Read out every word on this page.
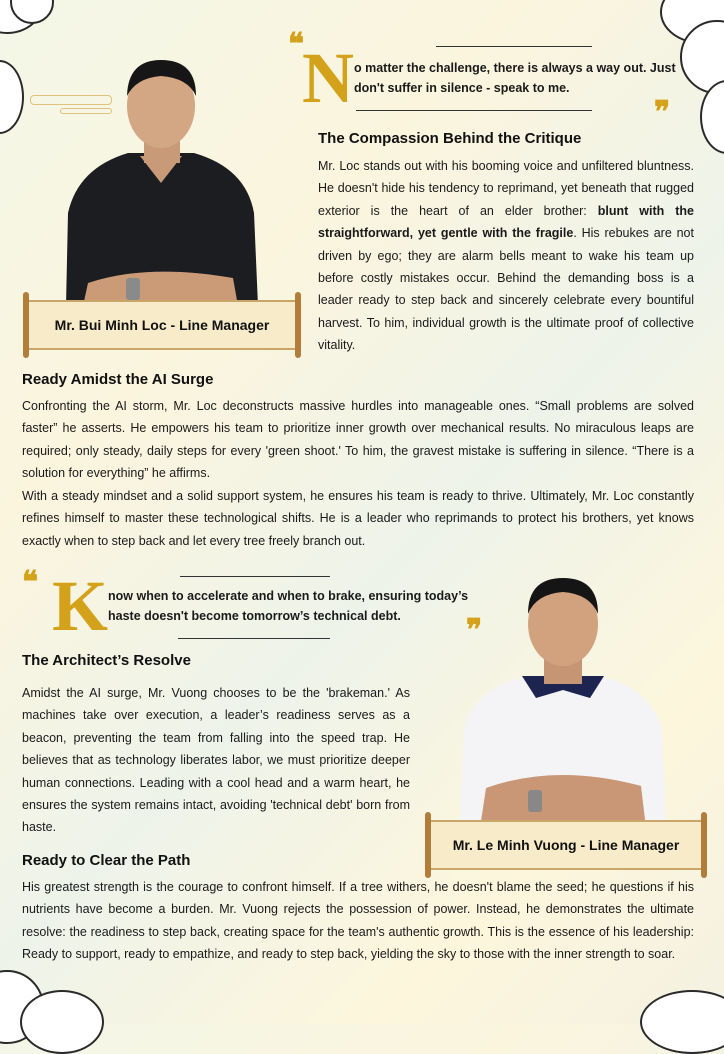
Mr. Bui Minh Loc - Line Manager
❝
N o matter the challenge, there is always a way out. Just don't suffer in silence - speak to me.
❞
The Compassion Behind the Critique

Mr. Loc stands out with his booming voice and unfiltered bluntness. He doesn't hide his tendency to reprimand, yet beneath that rugged exterior is the heart of an elder brother: blunt with the straightforward, yet gentle with the fragile. His rebukes are not driven by ego; they are alarm bells meant to wake his team up before costly mistakes occur. Behind the demanding boss is a leader ready to step back and sincerely celebrate every bountiful harvest. To him, individual growth is the ultimate proof of collective vitality.

Ready Amidst the AI Surge

Confronting the AI storm, Mr. Loc deconstructs massive hurdles into manageable ones. “Small problems are solved faster” he asserts. He empowers his team to prioritize inner growth over mechanical results. No miraculous leaps are required; only steady, daily steps for every 'green shoot.' To him, the gravest mistake is suffering in silence. “There is a solution for everything” he affirms.

With a steady mindset and a solid support system, he ensures his team is ready to thrive. Ultimately, Mr. Loc constantly refines himself to master these technological shifts. He is a leader who reprimands to protect his brothers, yet knows exactly when to step back and let every tree freely branch out.

❝ K now when to accelerate and when to brake, ensuring today’s haste doesn't become tomorrow’s technical debt.	❞
Mr. Le Minh Vuong - Line Manager
The Architect’s Resolve

Amidst the AI surge, Mr. Vuong chooses to be the 'brakeman.' As machines take over execution, a leader’s readiness serves as a beacon, preventing the team from falling into the speed trap. He believes that as technology liberates labor, we must prioritize deeper human connections. Leading with a cool head and a warm heart, he ensures the system remains intact, avoiding 'technical debt' born from haste.

Ready to Clear the Path

His greatest strength is the courage to confront himself. If a tree withers, he doesn't blame the seed; he questions if his nutrients have become a burden. Mr. Vuong rejects the possession of power. Instead, he demonstrates the ultimate resolve: the readiness to step back, creating space for the team's authentic growth. This is the essence of his leadership: Ready to support, ready to empathize, and ready to step back, yielding the sky to those with the inner strength to soar.
